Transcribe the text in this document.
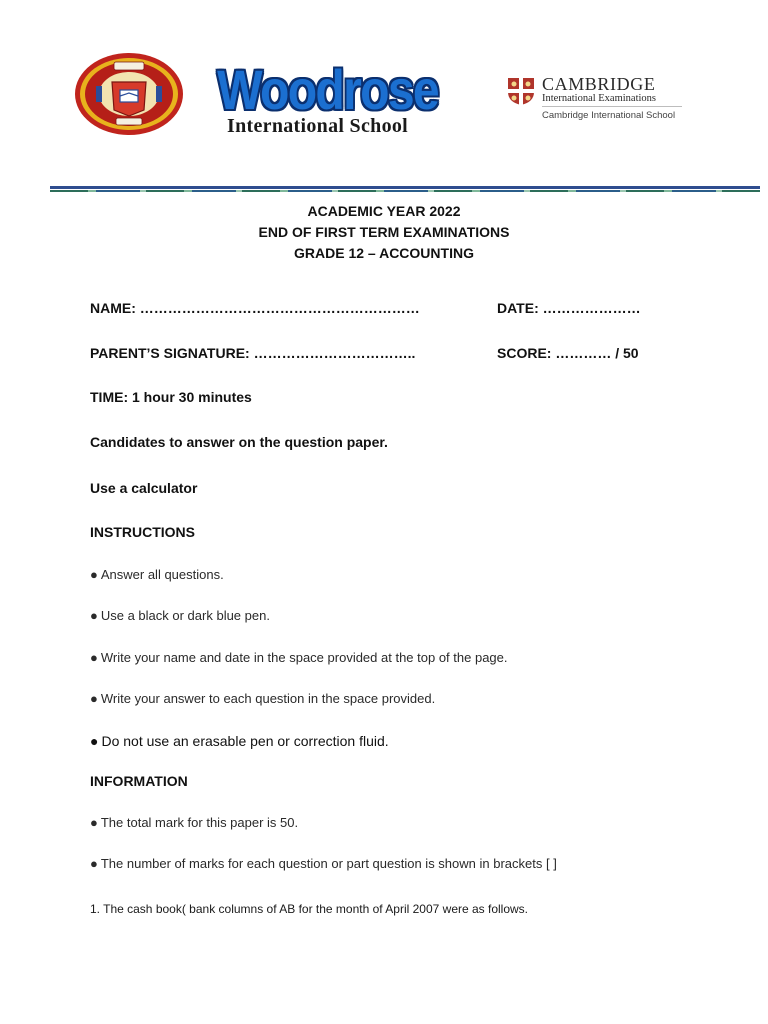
Woodrose
International School
CAMBRIDGE
International Examinations
Cambridge International School
ACADEMIC YEAR 2022
END OF FIRST TERM EXAMINATIONS
GRADE 12 – ACCOUNTING
NAME: ……………………………………………………	DATE: …………………
PARENT’S SIGNATURE: ……………………………..	SCORE: ………… / 50
TIME: 1 hour 30 minutes
Candidates to answer on the question paper.
Use a calculator
INSTRUCTIONS
● Answer all questions.
● Use a black or dark blue pen.
● Write your name and date in the space provided at the top of the page.
● Write your answer to each question in the space provided.
● Do not use an erasable pen or correction fluid.
INFORMATION
● The total mark for this paper is 50.
● The number of marks for each question or part question is shown in brackets [ ]
1. The cash book( bank columns of AB for the month of April 2007 were as follows.
